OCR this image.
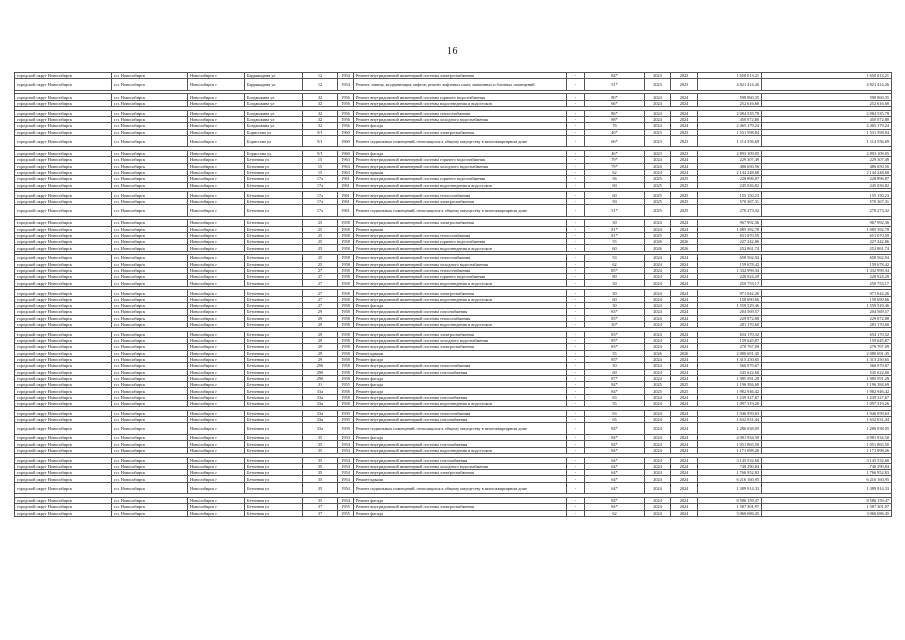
16
городской округ Новосибирск	г.п. Новосибирск	Новосибирск г	Баррикадная ул	12	1954	Ремонт внутридомовой инженерной системы электроснабжения	-	84*	2023	2023	1 650 013,21	1 650 013,21
городской округ Новосибирск	г.п. Новосибирск	Новосибирск г	Баррикадная ул	12	1954	Ремонт, замена, модернизация лифтов, ремонт лифтовых шахт, машинных и блочных помещений	-	51*	2023	2023	4 821 414,26	4 821 414,26

городской округ Новосибирск	г.п. Новосибирск	Новосибирск г	Богдашкина ул	32	1956	Ремонт внутридомовой инженерной системы горячего водоснабжения	-	80*	2024	2024	598 860,35	598 860,35
городской округ Новосибирск	г.п. Новосибирск	Новосибирск г	Богдашкина ул	32	1956	Ремонт внутридомовой инженерной системы водоотведения и водостоков	-	66*	2024	2024	252 616,68	252 616,68

городской округ Новосибирск	г.п. Новосибирск	Новосибирск г	Богдашкина ул	32	1956	Ремонт внутридомовой инженерной системы теплоснабжения	-	86*	2024	2024	2 084 535,78	2 084 535,78
городской округ Новосибирск	г.п. Новосибирск	Новосибирск г	Богдашкина ул	32	1956	Ремонт внутридомовой инженерной системы холодного водоснабжения	-	88*	2024	2024	450 072,80	450 072,80
городской округ Новосибирск	г.п. Новосибирск	Новосибирск г	Богдашкина ул	32	1956	Ремонт фасада	-	76	2024	2024	2 465 179,24	2 465 179,24
городской округ Новосибирск	г.п. Новосибирск	Новосибирск г	Бориссова ул	9/1	1960	Ремонт внутридомовой инженерной системы электроснабжения	-	40*	2023	2023	1 531 598,84	1 531 598,84
городской округ Новосибирск	г.п. Новосибирск	Новосибирск г	Бориссова ул	9/1	1960	Ремонт подвальных помещений, относящихся к общему имуществу в многоквартирном доме	-	66*	2023	2023	1 114 556,69	1 114 556,69

городской округ Новосибирск	г.п. Новосибирск	Новосибирск г	Бориссова ул	9/1	1960	Ремонт фасада	-	46*	2023	2023	2 893 109,05	2 893 109,05
городской округ Новосибирск	г.п. Новосибирск	Новосибирск г	Бетонная ул	15	1963	Ремонт внутридомовой инженерной системы горячего водоснабжения	-	79*	2024	2024	229 307,49	229 307,49
городской округ Новосибирск	г.п. Новосибирск	Новосибирск г	Бетонная ул	15	1963	Ремонт внутридомовой инженерной системы холодного водоснабжения	-	79*	2024	2024	486 650,56	486 650,56
городской округ Новосибирск	г.п. Новосибирск	Новосибирск г	Бетонная ул	15	1963	Ремонт крыши	-	62	2024	2024	2 144 248,68	2 144 248,68
городской округ Новосибирск	г.п. Новосибирск	Новосибирск г	Бетонная ул	17а	1961	Ремонт внутридомовой инженерной системы горячего водоснабжения	-	56	2025	2025	228 896,87	228 896,87
городской округ Новосибирск	г.п. Новосибирск	Новосибирск г	Бетонная ул	17а	1961	Ремонт внутридомовой инженерной системы водоотведения и водостоков	-	60	2025	2025	245 036,82	245 036,82

городской округ Новосибирск	г.п. Новосибирск	Новосибирск г	Бетонная ул	17а	1961	Ремонт внутридомовой инженерной системы теплоснабжения	-	60	2025	2025	155 150,23	155 150,23
городской округ Новосибирск	г.п. Новосибирск	Новосибирск г	Бетонная ул	17а	1961	Ремонт внутридомовой инженерной системы электроснабжения	-	50	2025	2025	570 367,31	570 367,31
городской округ Новосибирск	г.п. Новосибирск	Новосибирск г	Бетонная ул	17а	1961	Ремонт подвальных помещений, относящихся к общему имуществу в многоквартирном доме	-	51*	2025	2025	270 273,32	270 273,32

городской округ Новосибирск	г.п. Новосибирск	Новосибирск г	Бетонная ул	25	1958	Ремонт внутридомовой инженерной системы электроснабжения	-	30	2024	2024	967 992,36	967 992,36
городской округ Новосибирск	г.п. Новосибирск	Новосибирск г	Бетонная ул	25	1958	Ремонт крыши	-	81*	2024	2024	1 085 392,78	1 085 392,78
городской округ Новосибирск	г.п. Новосибирск	Новосибирск г	Бетонная ул	25	1958	Ремонт внутридомовой инженерной системы теплоснабжения	-	81*	2025	2025	651 070,59	651 070,59
городской округ Новосибирск	г.п. Новосибирск	Новосибирск г	Бетонная ул	25	1958	Ремонт внутридомовой инженерной системы горячего водоснабжения	-	55	2026	2026	227 242,86	227 242,86
городской округ Новосибирск	г.п. Новосибирск	Новосибирск г	Бетонная ул	25	1958	Ремонт внутридомовой инженерной системы водоотведения и водостоков	-	60	2026	2026	252 861,74	252 861,74

городской округ Новосибирск	г.п. Новосибирск	Новосибирск г	Бетонная ул	25	1958	Ремонт внутридомовой инженерной системы теплоснабжения	-	53	2024	2024	658 562,94	658 562,94
городской округ Новосибирск	г.п. Новосибирск	Новосибирск г	Бетонная ул	25	1958	Ремонт внутридомовой инженерной системы холодного водоснабжения	-	62	2024	2024	159 678,42	159 678,42
городской округ Новосибирск	г.п. Новосибирск	Новосибирск г	Бетонная ул	27	1958	Ремонт внутридомовой инженерной системы теплоснабжения	-	85*	2024	2024	1 332 999,34	1 332 999,34
городской округ Новосибирск	г.п. Новосибирск	Новосибирск г	Бетонная ул	27	1958	Ремонт внутридомовой инженерной системы горячего водоснабжения	-	80	2024	2024	228 924,29	228 924,29
городской округ Новосибирск	г.п. Новосибирск	Новосибирск г	Бетонная ул	27	1958	Ремонт внутридомовой инженерной системы водоотведения и водостоков	-	30	2024	2024	250 753,17	250 753,17

городской округ Новосибирск	г.п. Новосибирск	Новосибирск г	Бетонная ул	27	1958	Ремонт внутридомовой инженерной системы электроснабжения	-	30	2024	2024	971 042,26	971 042,26
городской округ Новосибирск	г.п. Новосибирск	Новосибирск г	Бетонная ул	27	1958	Ремонт внутридомовой инженерной системы водоотведения и водостоков	-	60	2024	2024	158 690,66	158 690,66
городской округ Новосибирск	г.п. Новосибирск	Новосибирск г	Бетонная ул	27	1958	Ремонт фасада	-	30	2024	2024	1 559 529,46	1 559 529,46
городской округ Новосибирск	г.п. Новосибирск	Новосибирск г	Бетонная ул	29	1958	Ремонт внутридомовой инженерной системы газоснабжения	-	83*	2024	2024	204 569,57	204 569,57
городской округ Новосибирск	г.п. Новосибирск	Новосибирск г	Бетонная ул	29	1958	Ремонт внутридомовой инженерной системы теплоснабжения	-	85*	2024	2024	229 872,88	229 872,88
городской округ Новосибирск	г.п. Новосибирск	Новосибирск г	Бетонная ул	29	1958	Ремонт внутридомовой инженерной системы водоотведения и водостоков	-	30*	2024	2024	281 170,60	281 170,60

городской округ Новосибирск	г.п. Новосибирск	Новосибирск г	Бетонная ул	29	1958	Ремонт внутридомовой инженерной системы электроснабжения	-	83*	2024	2024	654 170,32	654 170,32
городской округ Новосибирск	г.п. Новосибирск	Новосибирск г	Бетонная ул	29	1958	Ремонт внутридомовой инженерной системы холодного водоснабжения	-	85*	2024	2024	159 645,87	159 645,87
городской округ Новосибирск	г.п. Новосибирск	Новосибирск г	Бетонная ул	29	1958	Ремонт внутридомовой инженерной системы электроснабжения	-	83*	2024	2024	278 767,09	278 767,09
городской округ Новосибирск	г.п. Новосибирск	Новосибирск г	Бетонная ул	29	1958	Ремонт крыши	-	55	2026	2026	2 080 691,45	2 080 691,45
городской округ Новосибирск	г.п. Новосибирск	Новосибирск г	Бетонная ул	29	1958	Ремонт фасада	-	85*	2024	2024	1 315 250,65	1 315 250,65
городской округ Новосибирск	г.п. Новосибирск	Новосибирск г	Бетонная ул	29б	1958	Ремонт внутридомовой инженерной системы теплоснабжения	-	30	2024	2024	566 979,67	566 979,67
городской округ Новосибирск	г.п. Новосибирск	Новосибирск г	Бетонная ул	29б	1958	Ремонт внутридомовой инженерной системы газоснабжения	-	60	2024	2024	545 622,60	545 622,60
городской округ Новосибирск	г.п. Новосибирск	Новосибирск г	Бетонная ул	29б	1958	Ремонт фасада	-	87*	2024	2024	1 985 591,29	1 985 591,29
городской округ Новосибирск	г.п. Новосибирск	Новосибирск г	Бетонная ул	31	1955	Ремонт фасада	-	84*	2025	2025	1 196 384,69	1 196 384,69
городской округ Новосибирск	г.п. Новосибирск	Новосибирск г	Бетонная ул	33а	1958	Ремонт фасада	-	84*	2025	2025	1 982 946,42	1 982 946,42
городской округ Новосибирск	г.п. Новосибирск	Новосибирск г	Бетонная ул	33а	1958	Ремонт внутридомовой инженерной системы газоснабжения	-	63	2024	2024	1 239 327,67	1 239 327,67
городской округ Новосибирск	г.п. Новосибирск	Новосибирск г	Бетонная ул	33а	1958	Ремонт внутридомовой инженерной системы водоотведения и водостоков	-	55	2024	2024	1 097 319,26	1 097 319,26

городской округ Новосибирск	г.п. Новосибирск	Новосибирск г	Бетонная ул	33а	1959	Ремонт внутридомовой инженерной системы теплоснабжения	-	63	2024	2024	1 946 959,63	1 946 959,63
городской округ Новосибирск	г.п. Новосибирск	Новосибирск г	Бетонная ул	33а	1959	Ремонт внутридомовой инженерной системы газоснабжения	-	65	2024	2024	1 632 031,44	1 632 031,44
городской округ Новосибирск	г.п. Новосибирск	Новосибирск г	Бетонная ул	33а	1959	Ремонт подвальных помещений, относящихся к общему имуществу в многоквартирном доме	-	84*	2024	2024	1 286 038,05	1 286 038,05
городской округ Новосибирск	г.п. Новосибирск	Новосибирск г	Бетонная ул	35	1954	Ремонт фасада	-	84*	2024	2024	4 981 934,50	4 981 934,50
городской округ Новосибирск	г.п. Новосибирск	Новосибирск г	Бетонная ул	35	1954	Ремонт внутридомовой инженерной системы газоснабжения	-	84*	2024	2024	1 051 865,50	1 051 865,50
городской округ Новосибирск	г.п. Новосибирск	Новосибирск г	Бетонная ул	35	1954	Ремонт внутридомовой инженерной системы водоотведения и водостоков	-	84*	2024	2024	1 171 098,26	1 171 098,26

городской округ Новосибирск	г.п. Новосибирск	Новосибирск г	Бетонная ул	35	1954	Ремонт внутридомовой инженерной системы газоснабжения	-	64*	2024	2024	3 145 532,60	3 145 532,60
городской округ Новосибирск	г.п. Новосибирск	Новосибирск г	Бетонная ул	35	1954	Ремонт внутридомовой инженерной системы холодного водоснабжения	-	64*	2024	2024	740 290,84	740 290,84
городской округ Новосибирск	г.п. Новосибирск	Новосибирск г	Бетонная ул	35	1954	Ремонт внутридомовой инженерной системы электроснабжения	-	64*	2024	2024	1 766 952,83	1 766 952,83
городской округ Новосибирск	г.п. Новосибирск	Новосибирск г	Бетонная ул	35	1954	Ремонт крыши	-	64*	2024	2024	6 216 160,95	6 216 160,95
городской округ Новосибирск	г.п. Новосибирск	Новосибирск г	Бетонная ул	35	1954	Ремонт подвальных помещений, относящихся к общему имуществу в многоквартирном доме	-	64*	2024	2024	1 389 914,33	1 389 914,33

городской округ Новосибирск	г.п. Новосибирск	Новосибирск г	Бетонная ул	35	1954	Ремонт фасада	-	84*	2024	2024	8 586 159,47	8 586 159,47
городской округ Новосибирск	г.п. Новосибирск	Новосибирск г	Бетонная ул	37	1955	Ремонт внутридомовой инженерной системы электроснабжения	-	84*	2024	2024	1 587 301,97	1 587 301,97
городской округ Новосибирск	г.п. Новосибирск	Новосибирск г	Бетонная ул	37	1955	Ремонт фасада	-	62	2024	2024	3 066 686,45	3 066 686,45
